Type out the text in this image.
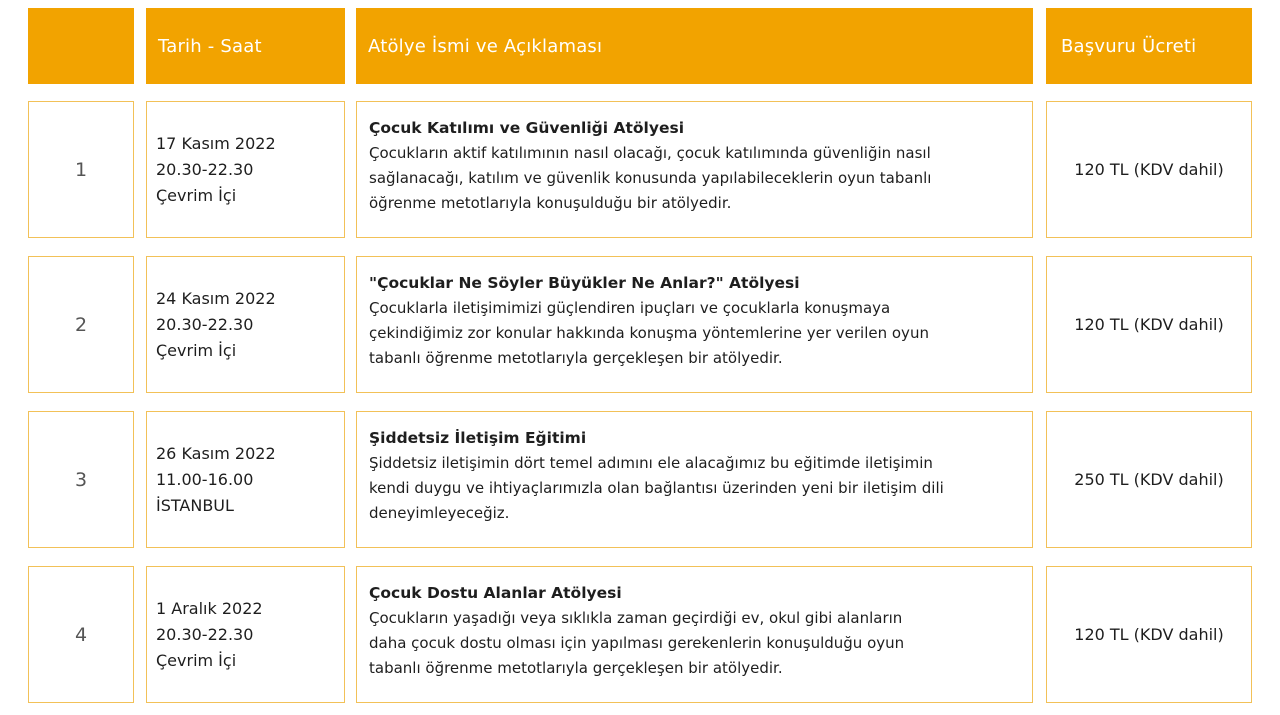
Tarih - Saat	Atölye İsmi ve Açıklaması	Başvuru Ücreti
1
17 Kasım 2022
20.30-22.30
Çevrim İçi
Çocuk Katılımı ve Güvenliği Atölyesi
Çocukların aktif katılımının nasıl olacağı, çocuk katılımında güvenliğin nasıl
sağlanacağı, katılım ve güvenlik konusunda yapılabileceklerin oyun tabanlı
öğrenme metotlarıyla konuşulduğu bir atölyedir.
120 TL (KDV dahil)
2
24 Kasım 2022
20.30-22.30
Çevrim İçi
"Çocuklar Ne Söyler Büyükler Ne Anlar?" Atölyesi
Çocuklarla iletişimimizi güçlendiren ipuçları ve çocuklarla konuşmaya
çekindiğimiz zor konular hakkında konuşma yöntemlerine yer verilen oyun
tabanlı öğrenme metotlarıyla gerçekleşen bir atölyedir.
120 TL (KDV dahil)
3
26 Kasım 2022
11.00-16.00
İSTANBUL
Şiddetsiz İletişim Eğitimi
Şiddetsiz iletişimin dört temel adımını ele alacağımız bu eğitimde iletişimin
kendi duygu ve ihtiyaçlarımızla olan bağlantısı üzerinden yeni bir iletişim dili
deneyimleyeceğiz.
250 TL (KDV dahil)
4
1 Aralık 2022
20.30-22.30
Çevrim İçi
Çocuk Dostu Alanlar Atölyesi
Çocukların yaşadığı veya sıklıkla zaman geçirdiği ev, okul gibi alanların
daha çocuk dostu olması için yapılması gerekenlerin konuşulduğu oyun
tabanlı öğrenme metotlarıyla gerçekleşen bir atölyedir.
120 TL (KDV dahil)
